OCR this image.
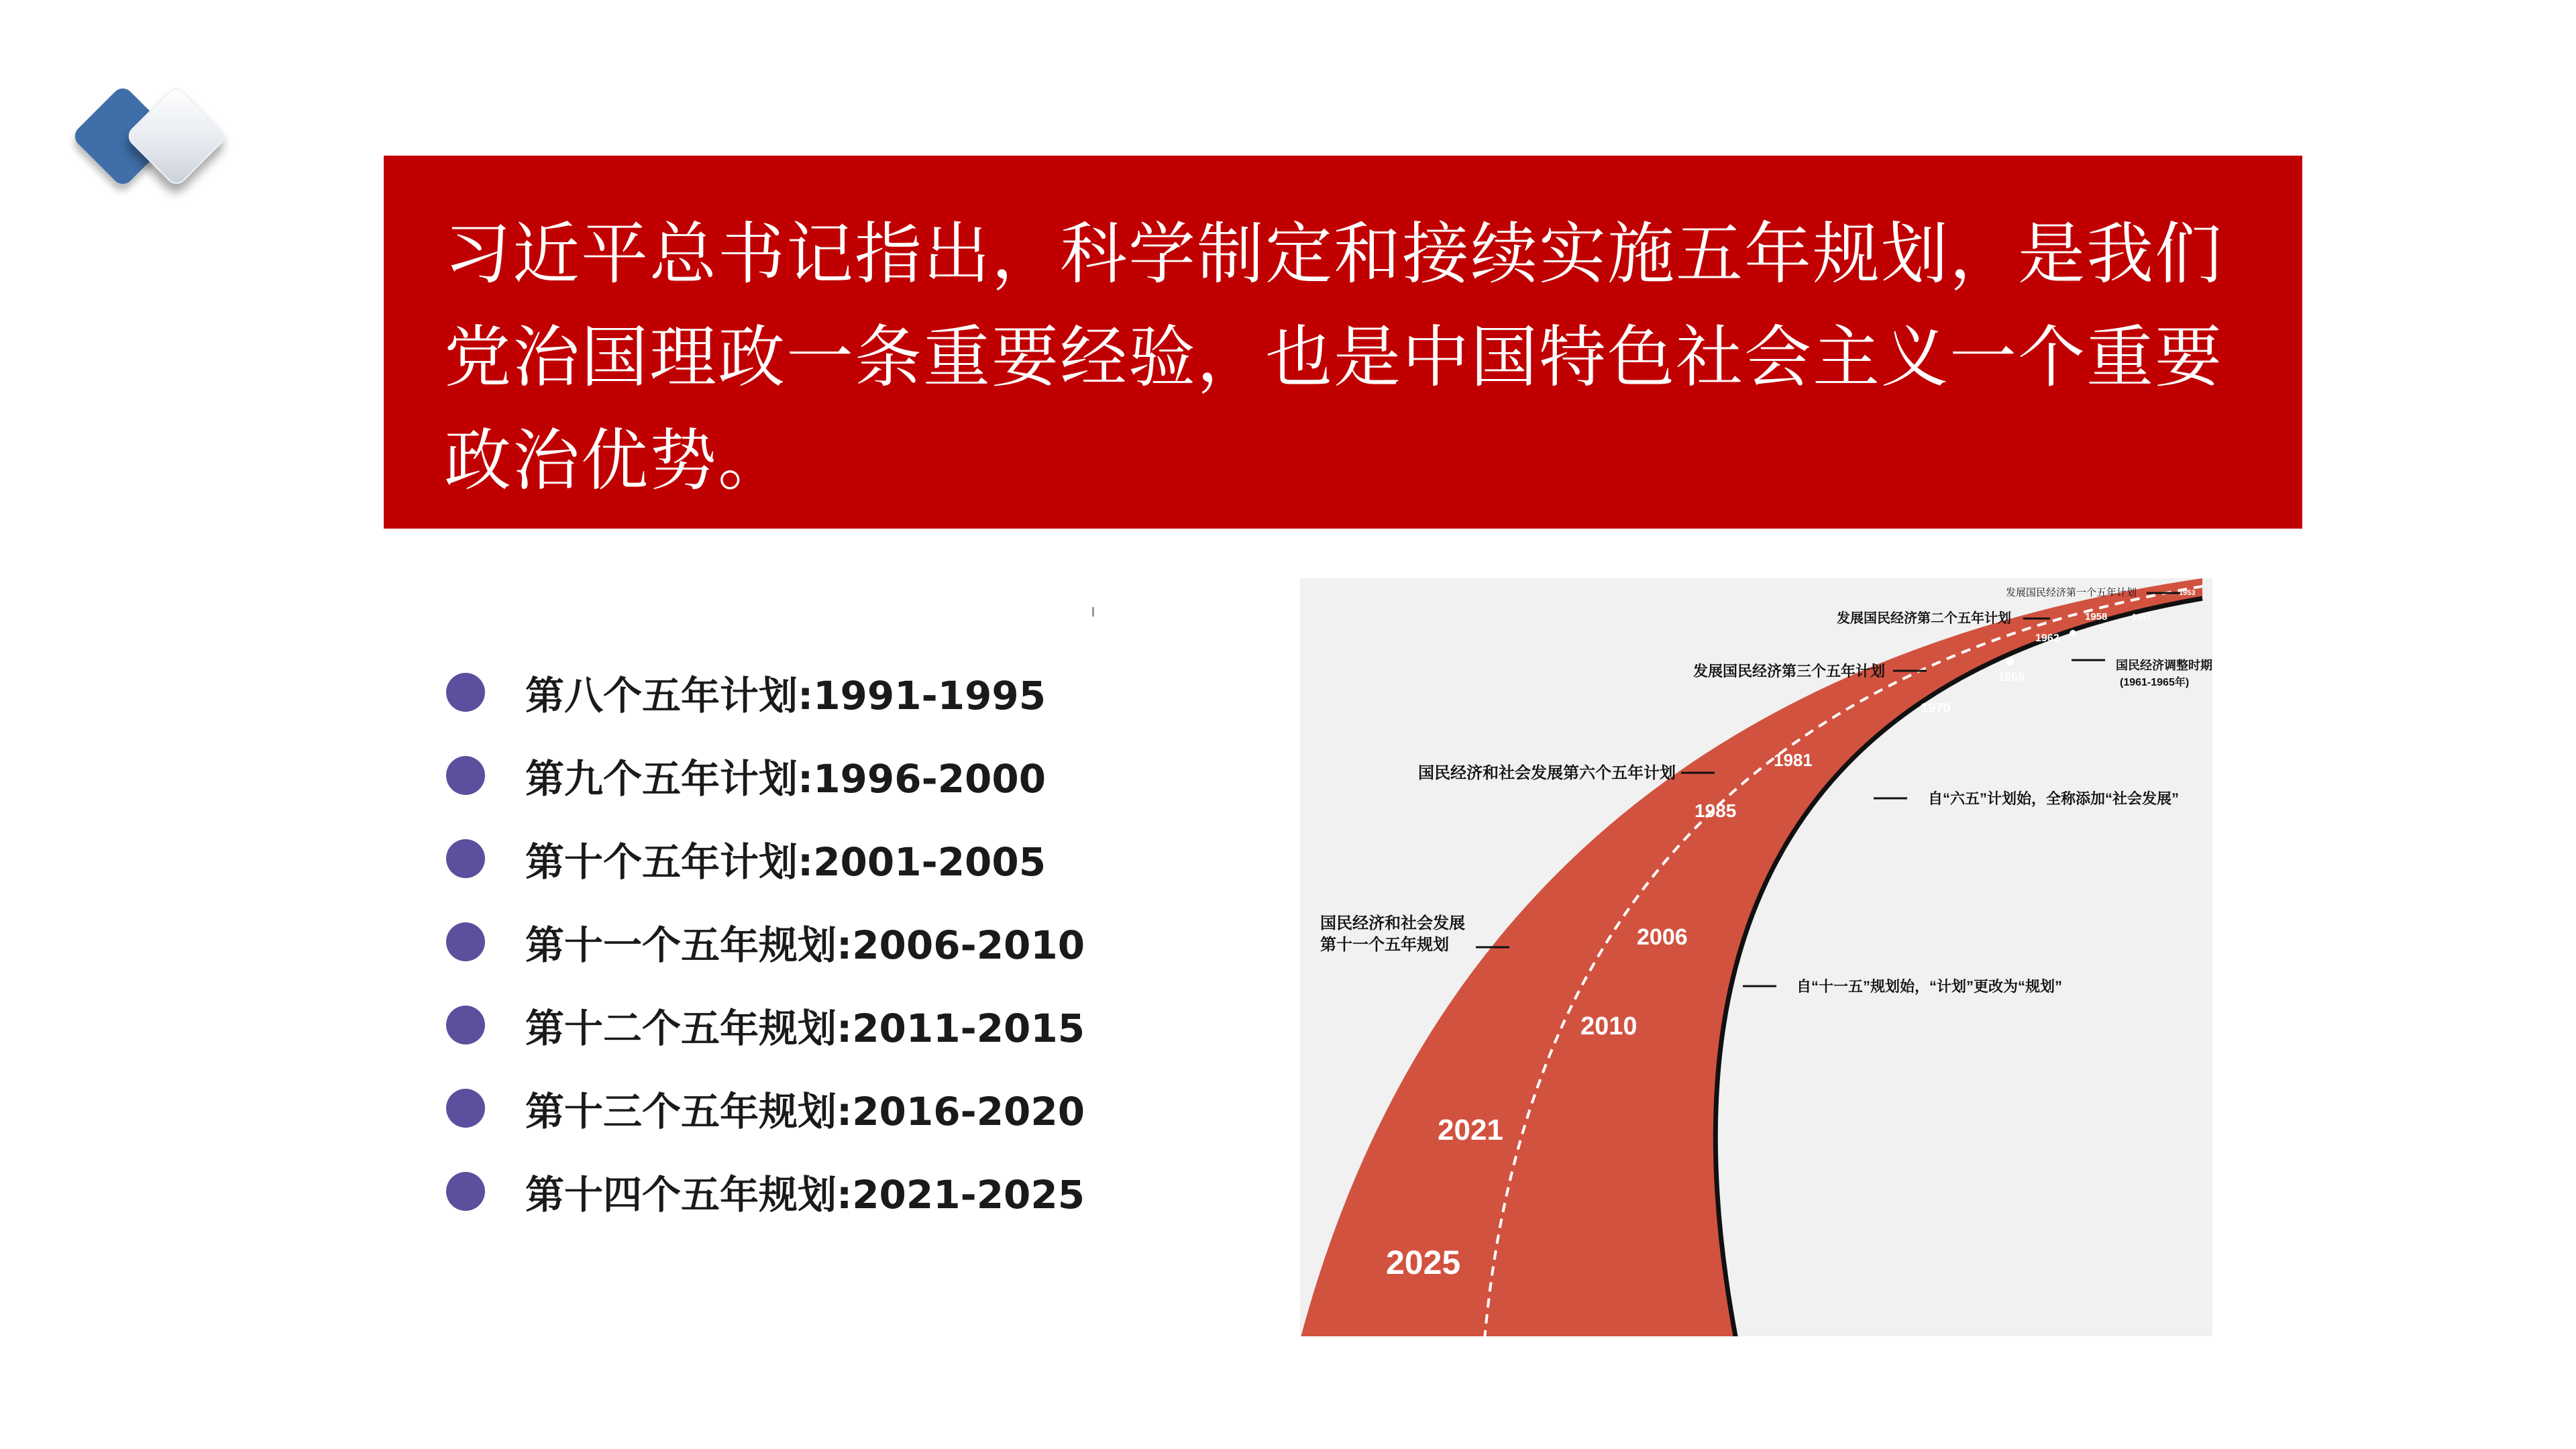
习近平总书记指出，科学制定和接续实施五年规划，是我们党治国理政一条重要经验，也是中国特色社会主义一个重要政治优势。

第八个五年计划:1991-1995
第九个五年计划:1996-2000
第十个五年计划:2001-2005
第十一个五年规划:2006-2010
第十二个五年规划:2011-2015
第十三个五年规划:2016-2020
第十四个五年规划:2021-2025
2025
2021
2010
2006
1985
1981
1970
1966
1962
1958	1957
1953
发展国民经济第一个五年计划
发展国民经济第二个五年计划
发展国民经济第三个五年计划	国民经济调整时期
(1961-1965年)
国民经济和社会发展第六个五年计划
自“六五”计划始，全称添加“社会发展”
国民经济和社会发展
第十一个五年规划
自“十一五”规划始，“计划”更改为“规划”
